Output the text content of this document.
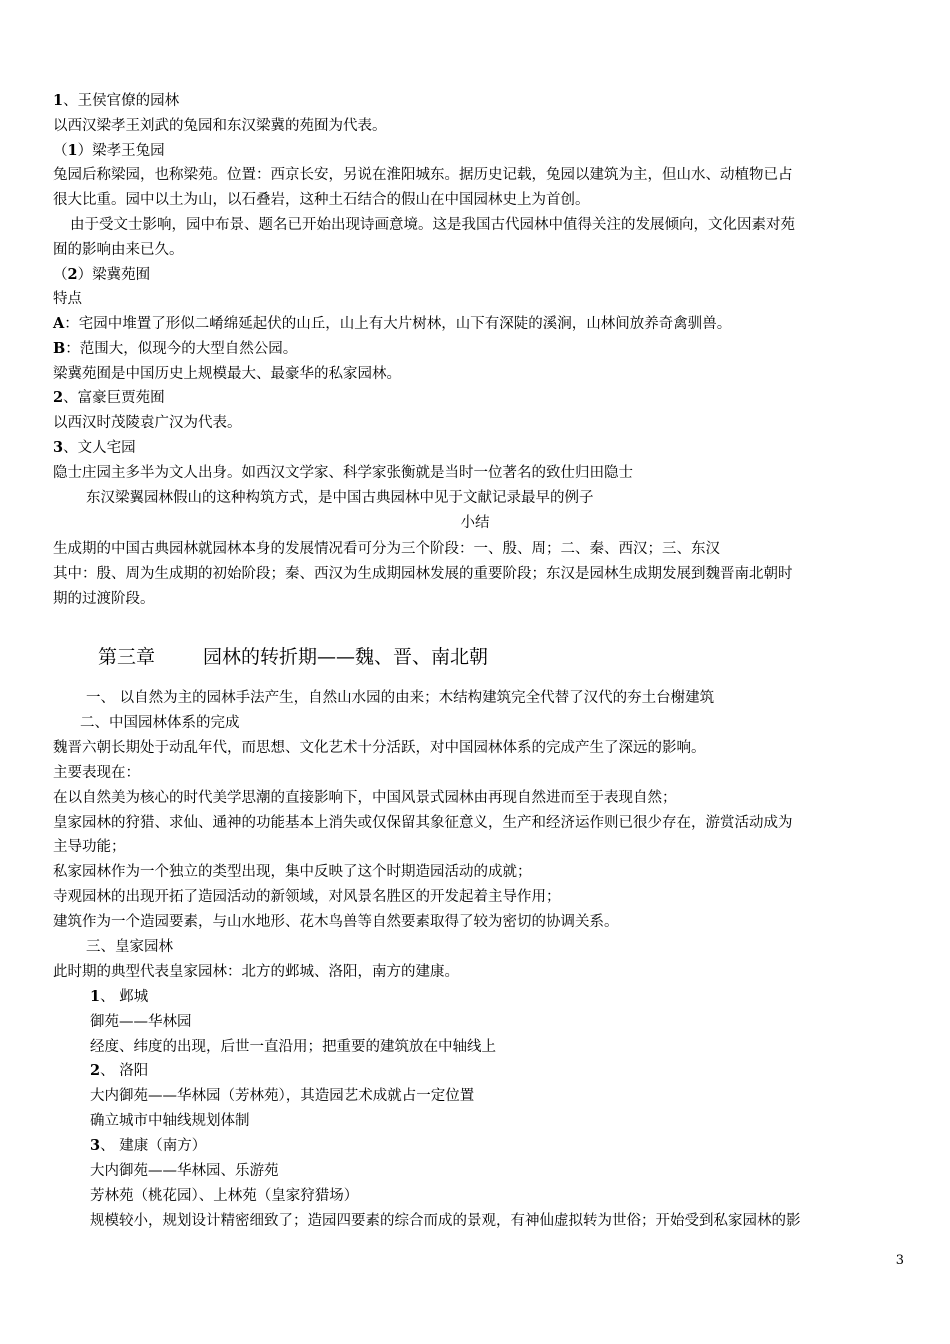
1、王侯官僚的园林
以西汉梁孝王刘武的兔园和东汉梁冀的苑囿为代表。
（1）梁孝王兔园
兔园后称梁园，也称梁苑。位置：西京长安，另说在淮阳城东。据历史记载，兔园以建筑为主，但山水、动植物已占
很大比重。园中以土为山，以石叠岩，这种土石结合的假山在中国园林史上为首创。
由于受文士影响，园中布景、题名已开始出现诗画意境。这是我国古代园林中值得关注的发展倾向，文化因素对苑
囿的影响由来已久。
（2）梁冀苑囿
特点
A：宅园中堆置了形似二崤绵延起伏的山丘，山上有大片树林，山下有深陡的溪涧，山林间放养奇禽驯兽。
B：范围大，似现今的大型自然公园。
梁冀苑囿是中国历史上规模最大、最豪华的私家园林。
2、富豪巨贾苑囿
以西汉时茂陵袁广汉为代表。
3、文人宅园
隐士庄园主多半为文人出身。如西汉文学家、科学家张衡就是当时一位著名的致仕归田隐士
东汉梁翼园林假山的这种构筑方式，是中国古典园林中见于文献记录最早的例子
小结
生成期的中国古典园林就园林本身的发展情况看可分为三个阶段：一、殷、周；二、秦、西汉；三、东汉
其中：殷、周为生成期的初始阶段；秦、西汉为生成期园林发展的重要阶段；东汉是园林生成期发展到魏晋南北朝时
期的过渡阶段。
第三章	园林的转折期——魏、晋、南北朝
一、 以自然为主的园林手法产生，自然山水园的由来；木结构建筑完全代替了汉代的夯土台榭建筑
二、中国园林体系的完成
魏晋六朝长期处于动乱年代，而思想、文化艺术十分活跃，对中国园林体系的完成产生了深远的影响。
主要表现在：
在以自然美为核心的时代美学思潮的直接影响下，中国风景式园林由再现自然进而至于表现自然；
皇家园林的狩猎、求仙、通神的功能基本上消失或仅保留其象征意义，生产和经济运作则已很少存在，游赏活动成为
主导功能；
私家园林作为一个独立的类型出现，集中反映了这个时期造园活动的成就；
寺观园林的出现开拓了造园活动的新领域，对风景名胜区的开发起着主导作用；
建筑作为一个造园要素，与山水地形、花木鸟兽等自然要素取得了较为密切的协调关系。
三、皇家园林
此时期的典型代表皇家园林：北方的邺城、洛阳，南方的建康。
1、 邺城
御苑——华林园
经度、纬度的出现，后世一直沿用；把重要的建筑放在中轴线上
2、 洛阳
大内御苑——华林园（芳林苑），其造园艺术成就占一定位置
确立城市中轴线规划体制
3、 建康（南方）
大内御苑——华林园、乐游苑
芳林苑（桃花园）、上林苑（皇家狩猎场）
规模较小，规划设计精密细致了；造园四要素的综合而成的景观，有神仙虚拟转为世俗；开始受到私家园林的影
3
